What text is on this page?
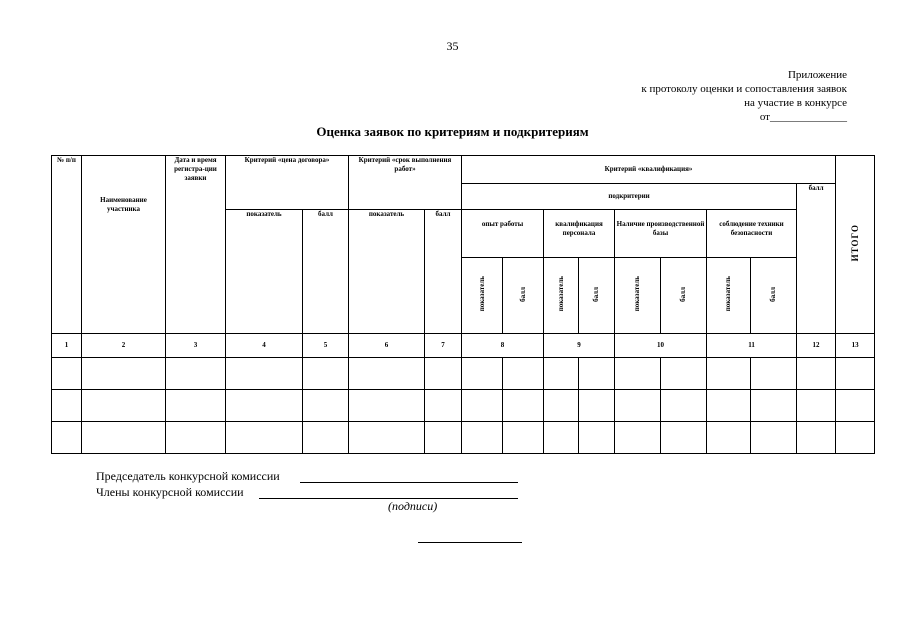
35
Приложение
к протоколу оценки и сопоставления заявок
на участие в конкурсе
от______________
Оценка заявок по критериям и подкритериям
№ п/п	Наименование участника	Дата и время регистра-ции заявки	Критерий «цена договора»		Критерий «срок выполнения работ»		Критерий «квалификация»									ИТОГО
							подкритерии								балл	
			показатель	балл	показатель	балл	опыт работы		квалификация персонала		Наличие производственной базы		соблюдение техники безопасности			
							показатель	балл	показатель	балл	показатель	балл	показатель	балл		
1	2	3	4	5	6	7	8		9		10		11		12	13

Председатель конкурсной комиссии
Члены конкурсной комиссии
(подписи)
